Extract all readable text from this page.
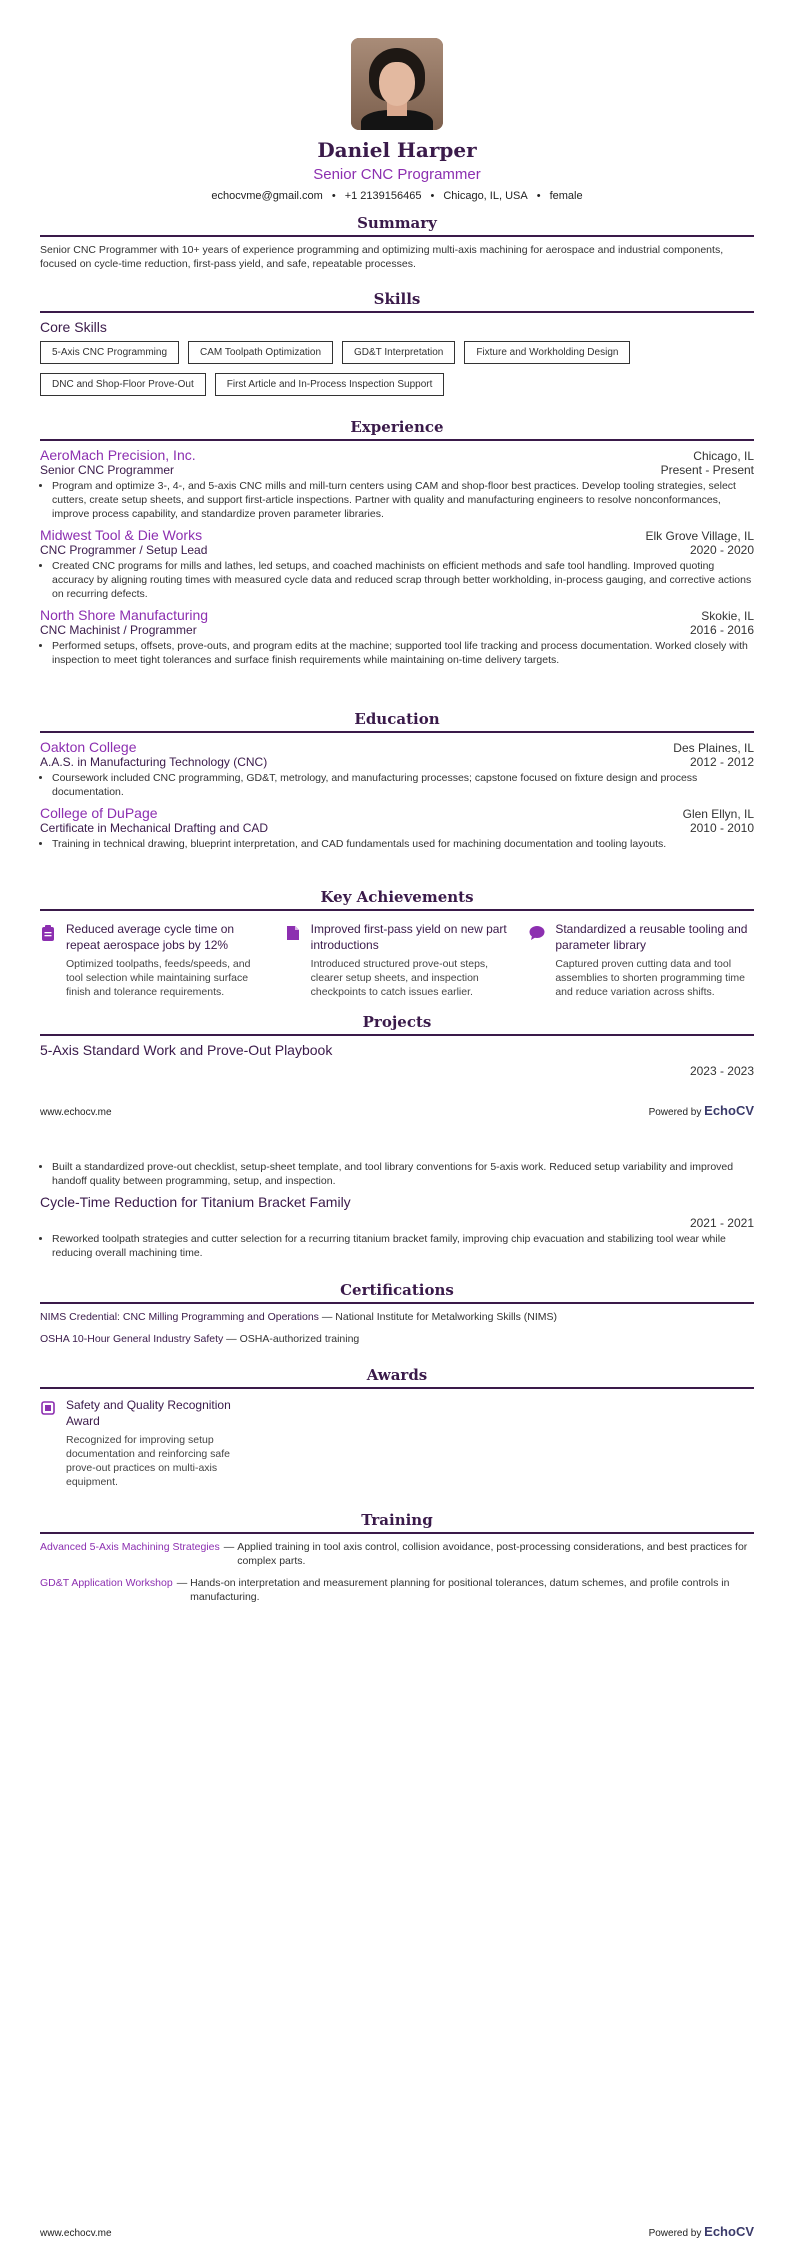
Daniel Harper
Senior CNC Programmer
echocvme@gmail.com • +1 2139156465 • Chicago, IL, USA • female
Summary
Senior CNC Programmer with 10+ years of experience programming and optimizing multi-axis machining for aerospace and industrial components, focused on cycle-time reduction, first-pass yield, and safe, repeatable processes.
Skills
Core Skills
5-Axis CNC Programming	CAM Toolpath Optimization	GD&T Interpretation	Fixture and Workholding Design
DNC and Shop-Floor Prove-Out	First Article and In-Process Inspection Support
Experience
AeroMach Precision, Inc.	Chicago, IL
Senior CNC Programmer	Present - Present
• Program and optimize 3-, 4-, and 5-axis CNC mills and mill-turn centers using CAM and shop-floor best practices. Develop tooling strategies, select cutters, create setup sheets, and support first-article inspections. Partner with quality and manufacturing engineers to resolve nonconformances, improve process capability, and standardize proven parameter libraries.
Midwest Tool & Die Works	Elk Grove Village, IL
CNC Programmer / Setup Lead	2020 - 2020
• Created CNC programs for mills and lathes, led setups, and coached machinists on efficient methods and safe tool handling. Improved quoting accuracy by aligning routing times with measured cycle data and reduced scrap through better workholding, in-process gauging, and corrective actions on recurring defects.
North Shore Manufacturing	Skokie, IL
CNC Machinist / Programmer	2016 - 2016
• Performed setups, offsets, prove-outs, and program edits at the machine; supported tool life tracking and process documentation. Worked closely with inspection to meet tight tolerances and surface finish requirements while maintaining on-time delivery targets.
Education
Oakton College	Des Plaines, IL
A.A.S. in Manufacturing Technology (CNC)	2012 - 2012
• Coursework included CNC programming, GD&T, metrology, and manufacturing processes; capstone focused on fixture design and process documentation.
College of DuPage	Glen Ellyn, IL
Certificate in Mechanical Drafting and CAD	2010 - 2010
• Training in technical drawing, blueprint interpretation, and CAD fundamentals used for machining documentation and tooling layouts.
Key Achievements
Reduced average cycle time on repeat aerospace jobs by 12%
Optimized toolpaths, feeds/speeds, and tool selection while maintaining surface finish and tolerance requirements.
Improved first-pass yield on new part introductions
Introduced structured prove-out steps, clearer setup sheets, and inspection checkpoints to catch issues earlier.
Standardized a reusable tooling and parameter library
Captured proven cutting data and tool assemblies to shorten programming time and reduce variation across shifts.
Projects
5-Axis Standard Work and Prove-Out Playbook
2023 - 2023
www.echocv.me	Powered by EchoCV
• Built a standardized prove-out checklist, setup-sheet template, and tool library conventions for 5-axis work. Reduced setup variability and improved handoff quality between programming, setup, and inspection.
Cycle-Time Reduction for Titanium Bracket Family
2021 - 2021
• Reworked toolpath strategies and cutter selection for a recurring titanium bracket family, improving chip evacuation and stabilizing tool wear while reducing overall machining time.
Certifications
NIMS Credential: CNC Milling Programming and Operations — National Institute for Metalworking Skills (NIMS)
OSHA 10-Hour General Industry Safety — OSHA-authorized training
Awards
Safety and Quality Recognition Award
Recognized for improving setup documentation and reinforcing safe prove-out practices on multi-axis equipment.
Training
Advanced 5-Axis Machining Strategies — Applied training in tool axis control, collision avoidance, post-processing considerations, and best practices for complex parts.
GD&T Application Workshop — Hands-on interpretation and measurement planning for positional tolerances, datum schemes, and profile controls in manufacturing.
www.echocv.me	Powered by EchoCV
